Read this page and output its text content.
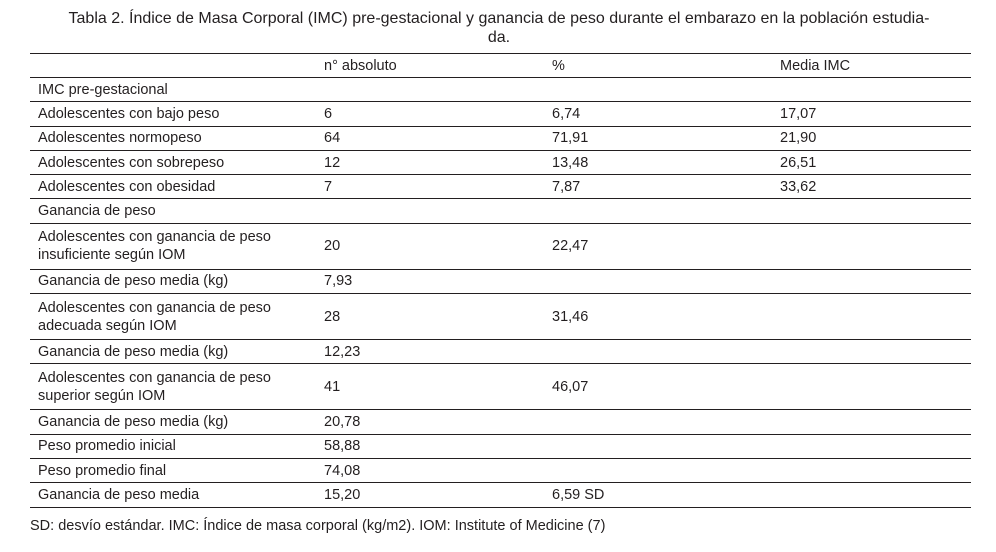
Tabla 2. Índice de Masa Corporal (IMC) pre-gestacional y ganancia de peso durante el embarazo en la población estudia-
da.
	n° absoluto	%	Media IMC
IMC pre-gestacional			
Adolescentes con bajo peso	6	6,74	17,07
Adolescentes normopeso	64	71,91	21,90
Adolescentes con sobrepeso	12	13,48	26,51
Adolescentes con obesidad	7	7,87	33,62
Ganancia de peso			
Adolescentes con ganancia de peso
insuficiente según IOM	20	22,47	
Ganancia de peso media (kg)	7,93		
Adolescentes con ganancia de peso
adecuada según IOM	28	31,46	
Ganancia de peso media (kg)	12,23		
Adolescentes con ganancia de peso
superior según IOM	41	46,07	
Ganancia de peso media (kg)	20,78		
Peso promedio inicial	58,88		
Peso promedio final	74,08		
Ganancia de peso media	15,20	6,59 SD	
SD: desvío estándar. IMC: Índice de masa corporal (kg/m2). IOM: Institute of Medicine (7)
